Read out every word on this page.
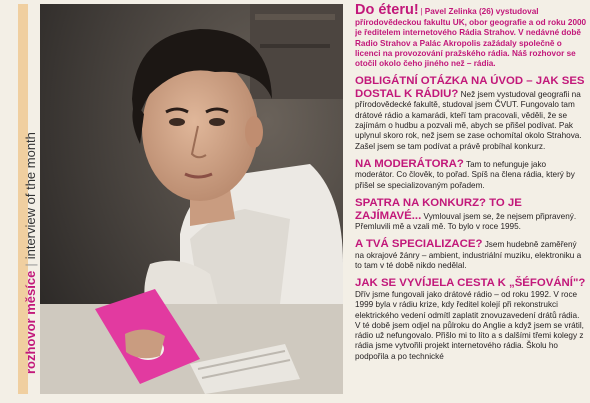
rozhovor měsíce|interview of the month
Do éteru! | Pavel Zelinka (26) vystudoval přírodovědeckou fakultu UK, obor geografie a od roku 2000 je ředitelem internetového Rádia Strahov. V nedávné době Radio Strahov a Palác Akropolis zažádaly společně o licenci na provozování pražského rádia. Náš rozhovor se otočil okolo čeho jiného než – rádia.
OBLIGÁTNÍ OTÁZKA NA ÚVOD – JAK SES DOSTAL K RÁDIU? Než jsem vystudoval geografii na přírodovědecké fakultě, studoval jsem ČVUT. Fungovalo tam drátové rádio a kamarádi, kteří tam pracovali, věděli, že se zajímám o hudbu a pozvali mě, abych se přišel podívat. Pak uplynul skoro rok, než jsem se zase ochomítal okolo Strahova. Zašel jsem se tam podívat a právě probíhal konkurz.
NA MODERÁTORA? Tam to nefunguje jako moderátor. Co člověk, to pořad. Spíš na člena rádia, který by přišel se specializovaným pořadem.
SPATRA NA KONKURZ? TO JE ZAJÍMAVÉ... Vymlouval jsem se, že nejsem připravený. Přemluvili mě a vzali mě. To bylo v roce 1995.
A TVÁ SPECIALIZACE? Jsem hudebně zaměřený na okrajové žánry – ambient, industriální muziku, elektroniku a to tam v té době nikdo nedělal.
JAK SE VYVÍJELA CESTA K „ŠÉFOVÁNÍ"? Dřív jsme fungovali jako drátové rádio – od roku 1992. V roce 1999 byla v rádiu krize, kdy ředitel kolejí při rekonstrukci elektrického vedení odmítl zaplatit znovuzavedení drátů rádia. V té době jsem odjel na půlroku do Anglie a když jsem se vrátil, rádio už nefungovalo. Přišlo mi to líto a s dalšími třemi kolegy z rádia jsme vytvořili projekt internetového rádia. Školu ho podpořila a po technické
